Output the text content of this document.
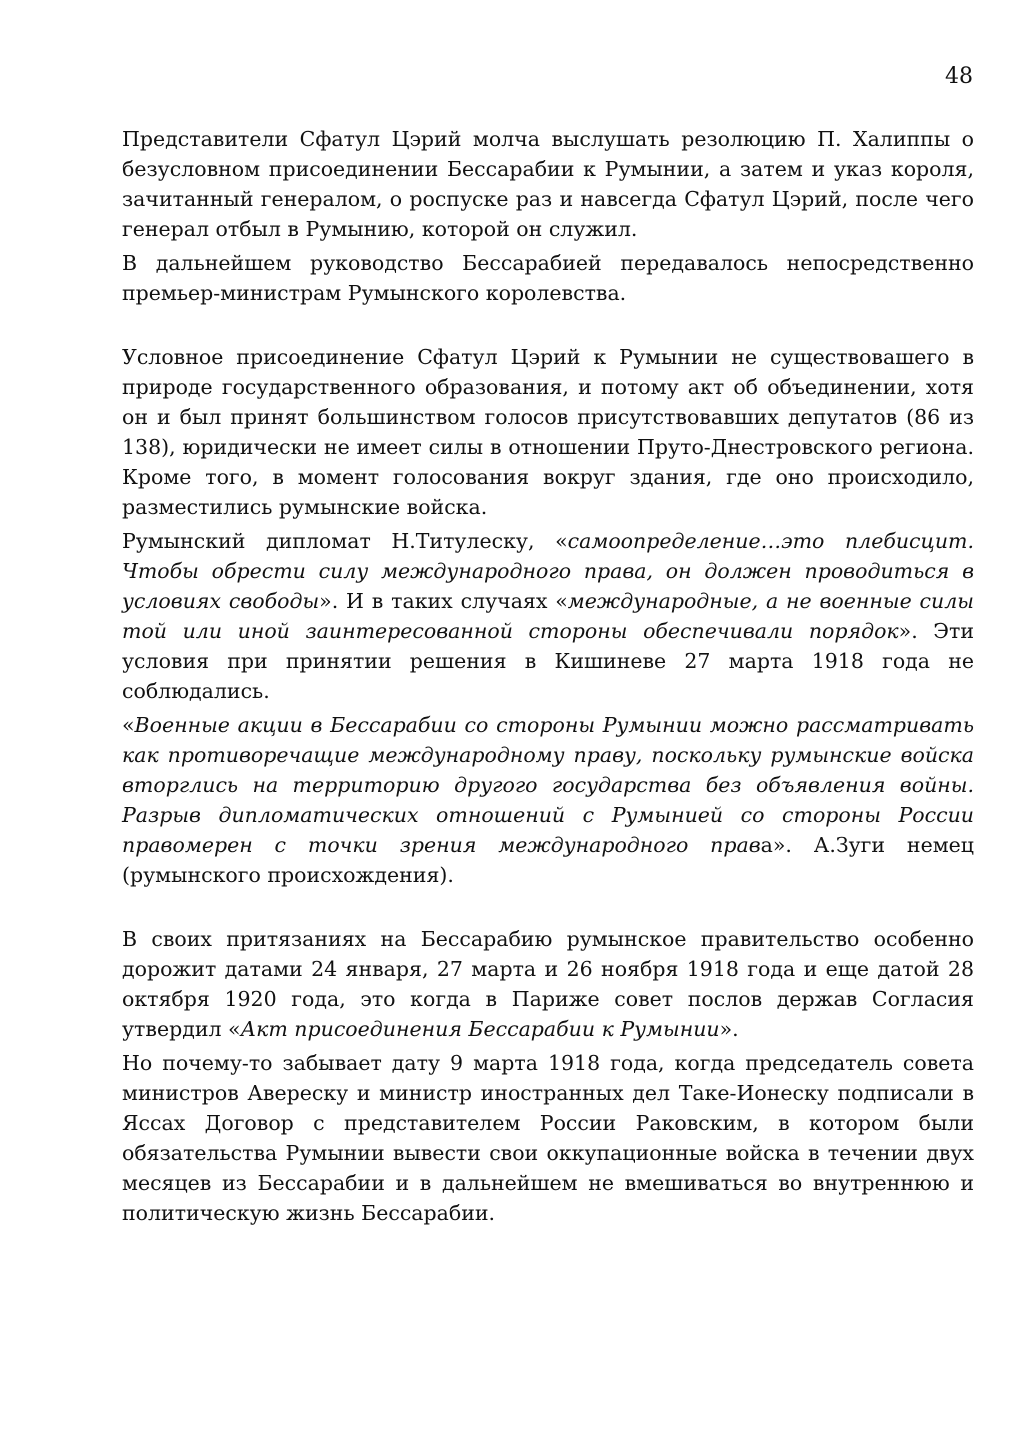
48

Представители Сфатул Цэрий молча выслушать резолюцию П. Халиппы о безусловном присоединении Бессарабии к Румынии, а затем и указ короля, зачитанный генералом, о роспуске раз и навсегда Сфатул Цэрий, после чего генерал отбыл в Румынию, которой он служил.

В дальнейшем руководство Бессарабией передавалось непосредственно премьер-министрам Румынского королевства.

Условное присоединение Сфатул Цэрий к Румынии не существовашего в природе государственного образования, и потому акт об объединении, хотя он и был принят большинством голосов присутствовавших депутатов (86 из 138), юридически не имеет силы в отношении Пруто-Днестровского региона. Кроме того, в момент голосования вокруг здания, где оно происходило, разместились румынские войска.

Румынский дипломат Н.Титулеску, «самоопределение…это плебисцит. Чтобы обрести силу международного права, он должен проводиться в условиях свободы». И в таких случаях «международные, а не военные силы той или иной заинтересованной стороны обеспечивали порядок». Эти условия при принятии решения в Кишиневе 27 марта 1918 года не соблюдались.

«Военные акции в Бессарабии со стороны Румынии можно рассматривать как противоречащие международному праву, поскольку румынские войска вторглись на территорию другого государства без объявления войны. Разрыв дипломатических отношений с Румынией со стороны России правомерен с точки зрения международного права». А.Зуги немец (румынского происхождения).

В своих притязаниях на Бессарабию румынское правительство особенно дорожит датами 24 января, 27 марта и 26 ноября 1918 года и еще датой 28 октября 1920 года, это когда в Париже совет послов держав Согласия утвердил «Акт присоединения Бессарабии к Румынии».

Но почему-то забывает дату 9 марта 1918 года, когда председатель совета министров Авереску и министр иностранных дел Таке-Ионеску подписали в Яссах Договор с представителем России Раковским, в котором были обязательства Румынии вывести свои оккупационные войска в течении двух месяцев из Бессарабии и в дальнейшем не вмешиваться во внутреннюю и политическую жизнь Бессарабии.
